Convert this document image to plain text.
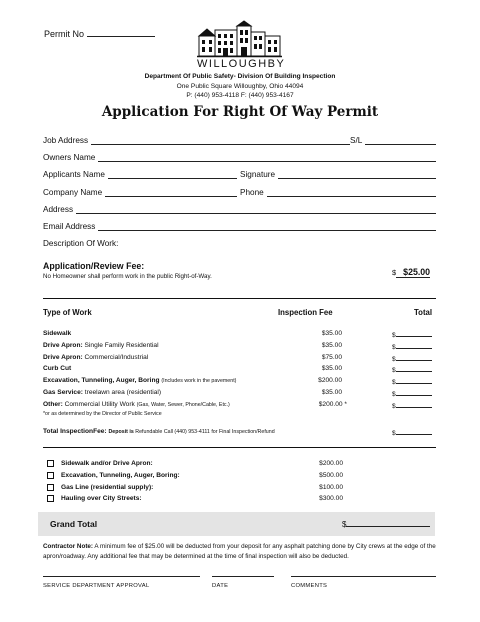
Permit No
WILLOUGHBY
Department Of Public Safety- Division Of Building Inspection
One Public Square Willoughby, Ohio 44094
P: (440) 953-4118 F: (440) 953-4167
Application For Right Of Way Permit
Job Address	S/L
Owners Name
Applicants Name	Signature
Company Name	Phone
Address
Email Address
Description Of Work:
Application/Review Fee:
No Homeowner shall perform work in the public Right-of-Way.	$ $25.00
Type of Work	Inspection Fee	Total
Sidewalk	$35.00	$
Drive Apron: Single Family Residential	$35.00	$
Drive Apron: Commercial/Industrial	$75.00	$
Curb Cut	$35.00	$
Excavation, Tunneling, Auger, Boring (Includes work in the pavement)	$200.00	$
Gas Service: treelawn area (residential)	$35.00	$
Other: Commercial Utility Work (Gas, Water, Sewer, Phone/Cable, Etc.)	$200.00 *	$
*or as determined by the Director of Public Service
Total InspectionFee: Deposit is Refundable Call (440) 953-4111 for Final Inspection/Refund	$
Sidewalk and/or Drive Apron:	$200.00
Excavation, Tunneling, Auger, Boring:	$500.00
Gas Line (residential supply):	$100.00
Hauling over City Streets:	$300.00
Grand Total	$
Contractor Note: A minimum fee of $25.00 will be deducted from your deposit for any asphalt patching done by City crews at the edge of the apron/roadway. Any additional fee that may be determined at the time of final inspection will also be deducted.
SERVICE DEPARTMENT APPROVAL	DATE	COMMENTS
